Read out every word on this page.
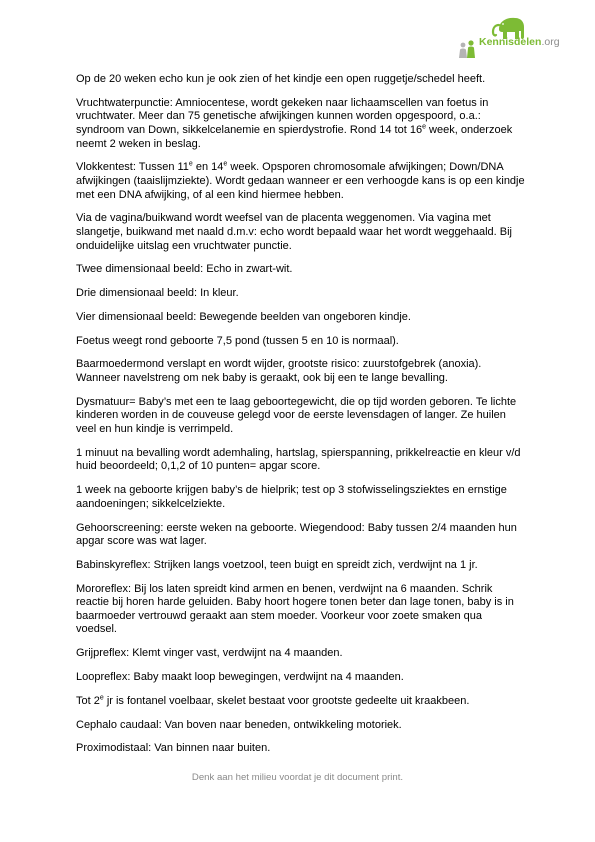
Kennisdelen.org

Op de 20 weken echo kun je ook zien of het kindje een open ruggetje/schedel heeft.

Vruchtwaterpunctie: Amniocentese, wordt gekeken naar lichaamscellen van foetus in vruchtwater. Meer dan 75 genetische afwijkingen kunnen worden opgespoord, o.a.: syndroom van Down, sikkelcelanemie en spierdystrofie. Rond 14 tot 16e week, onderzoek neemt 2 weken in beslag.

Vlokkentest: Tussen 11e en 14e week. Opsporen chromosomale afwijkingen; Down/DNA afwijkingen (taaislijmziekte). Wordt gedaan wanneer er een verhoogde kans is op een kindje met een DNA afwijking, of al een kind hiermee hebben.

Via de vagina/buikwand wordt weefsel van de placenta weggenomen. Via vagina met slangetje, buikwand met naald d.m.v: echo wordt bepaald waar het wordt weggehaald. Bij onduidelijke uitslag een vruchtwater punctie.

Twee dimensionaal beeld: Echo in zwart-wit.

Drie dimensionaal beeld: In kleur.

Vier dimensionaal beeld: Bewegende beelden van ongeboren kindje.

Foetus weegt rond geboorte 7,5 pond (tussen 5 en 10 is normaal).

Baarmoedermond verslapt en wordt wijder, grootste risico: zuurstofgebrek (anoxia). Wanneer navelstreng om nek baby is geraakt, ook bij een te lange bevalling.

Dysmatuur= Baby’s met een te laag geboortegewicht, die op tijd worden geboren. Te lichte kinderen worden in de couveuse gelegd voor de eerste levensdagen of langer. Ze huilen veel en hun kindje is verrimpeld.

1 minuut na bevalling wordt ademhaling, hartslag, spierspanning, prikkelreactie en kleur v/d huid beoordeeld; 0,1,2 of 10 punten= apgar score.

1 week na geboorte krijgen baby’s de hielprik; test op 3 stofwisselingsziektes en ernstige aandoeningen; sikkelcelziekte.

Gehoorscreening: eerste weken na geboorte. Wiegendood: Baby tussen 2/4 maanden hun apgar score was wat lager.

Babinskyreflex: Strijken langs voetzool, teen buigt en spreidt zich, verdwijnt na 1 jr.

Mororeflex: Bij los laten spreidt kind armen en benen, verdwijnt na 6 maanden. Schrik reactie bij horen harde geluiden. Baby hoort hogere tonen beter dan lage tonen, baby is in baarmoeder vertrouwd geraakt aan stem moeder. Voorkeur voor zoete smaken qua voedsel.

Grijpreflex: Klemt vinger vast, verdwijnt na 4 maanden.

Loopreflex: Baby maakt loop bewegingen, verdwijnt na 4 maanden.

Tot 2e jr is fontanel voelbaar, skelet bestaat voor grootste gedeelte uit kraakbeen.

Cephalo caudaal: Van boven naar beneden, ontwikkeling motoriek.

Proximodistaal: Van binnen naar buiten.

Denk aan het milieu voordat je dit document print.
